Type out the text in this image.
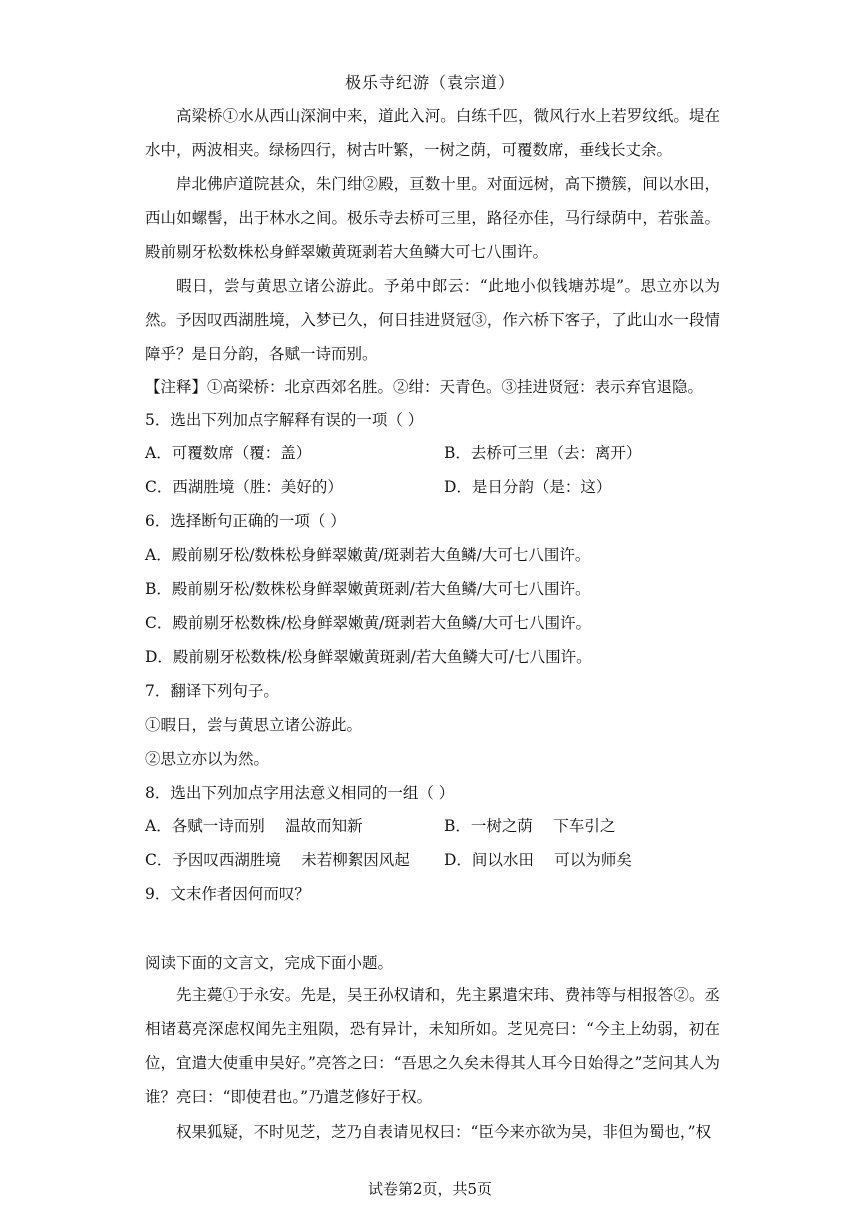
极乐寺纪游（袁宗道）
高梁桥①水从西山深涧中来，道此入河。白练千匹，微风行水上若罗纹纸。堤在水中，两波相夹。绿杨四行，树古叶繁，一树之荫，可覆数席，垂线长丈余。
岸北佛庐道院甚众，朱门绀②殿，亘数十里。对面远树，高下攒簇，间以水田，西山如螺髻，出于林水之间。极乐寺去桥可三里，路径亦佳，马行绿荫中，若张盖。殿前剔牙松数株松身鲜翠嫩黄斑剥若大鱼鳞大可七八围许。
暇日，尝与黄思立诸公游此。予弟中郎云：“此地小似钱塘苏堤”。思立亦以为然。 予因叹西湖胜境，入梦已久，何日挂进贤冠③，作六桥下客子，了此山水一段情障乎？是日分韵，各赋一诗而别。
【注释】①高梁桥：北京西郊名胜。②绀：天青色。③挂进贤冠：表示弃官退隐。
5．选出下列加点字解释有误的一项（ ）
A．可覆数席（覆：盖）	B．去桥可三里（去：离开）
C．西湖胜境（胜：美好的）	D．是日分韵（是：这）
6．选择断句正确的一项（ ）
A．殿前剔牙松/数株松身鲜翠嫩黄/斑剥若大鱼鳞/大可七八围许。
B．殿前剔牙松/数株松身鲜翠嫩黄斑剥/若大鱼鳞/大可七八围许。
C．殿前剔牙松数株/松身鲜翠嫩黄/斑剥若大鱼鳞/大可七八围许。
D．殿前剔牙松数株/松身鲜翠嫩黄斑剥/若大鱼鳞大可/七八围许。
7．翻译下列句子。
①暇日，尝与黄思立诸公游此。
②思立亦以为然。
8．选出下列加点字用法意义相同的一组（ ）
A．各赋一诗而别　 温故而知新	B．一树之荫　 下车引之
C．予因叹西湖胜境　 未若柳絮因风起 D．间以水田　 可以为师矣
9．文末作者因何而叹？
阅读下面的文言文，完成下面小题。
先主薨①于永安。先是，吴王孙权请和，先主累遣宋玮、费祎等与相报答②。丞相诸葛亮深虑权闻先主殂陨，恐有异计，未知所如。芝见亮曰：“今主上幼弱，初在位，宜遣大使重申吴好。”亮答之曰：“吾思之久矣未得其人耳今日始得之”芝问其人为谁？亮曰：“即使君也。”乃遣芝修好于权。
权果狐疑，不时见芝，芝乃自表请见权曰：“臣今来亦欲为吴，非但为蜀也，”权
试卷第2页，共5页
